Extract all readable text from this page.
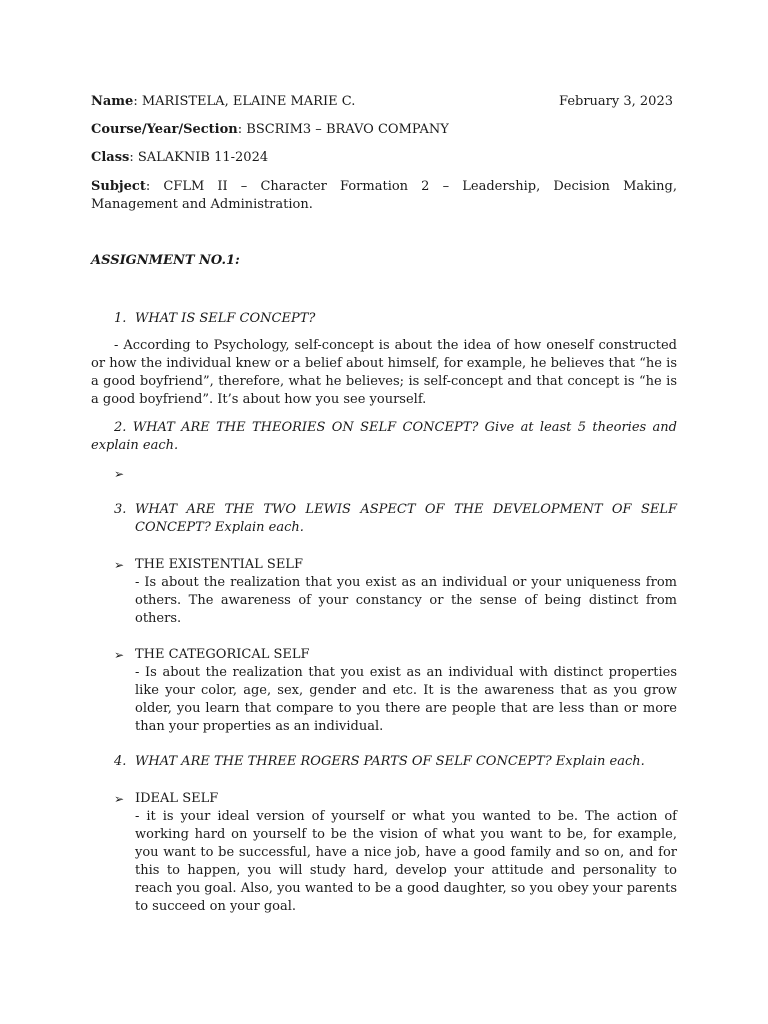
Name: MARISTELA, ELAINE MARIE C.	February 3, 2023
Course/Year/Section: BSCRIM3 – BRAVO COMPANY
Class: SALAKNIB 11-2024
Subject: CFLM II – Character Formation 2 – Leadership, Decision Making, Management and Administration.
ASSIGNMENT NO.1:
1. WHAT IS SELF CONCEPT?
- According to Psychology, self-concept is about the idea of how oneself constructed or how the individual knew or a belief about himself, for example, he believes that “he is a good boyfriend”, therefore, what he believes; is self-concept and that concept is “he is a good boyfriend”. It’s about how you see yourself.
2. WHAT ARE THE THEORIES ON SELF CONCEPT? Give at least 5 theories and explain each.
➢
3. WHAT ARE THE TWO LEWIS ASPECT OF THE DEVELOPMENT OF SELF CONCEPT? Explain each.
➢ THE EXISTENTIAL SELF
- Is about the realization that you exist as an individual or your uniqueness from others. The awareness of your constancy or the sense of being distinct from others.
➢ THE CATEGORICAL SELF
- Is about the realization that you exist as an individual with distinct properties like your color, age, sex, gender and etc. It is the awareness that as you grow older, you learn that compare to you there are people that are less than or more than your properties as an individual.
4. WHAT ARE THE THREE ROGERS PARTS OF SELF CONCEPT? Explain each.
➢ IDEAL SELF
- it is your ideal version of yourself or what you wanted to be. The action of working hard on yourself to be the vision of what you want to be, for example, you want to be successful, have a nice job, have a good family and so on, and for this to happen, you will study hard, develop your attitude and personality to reach you goal. Also, you wanted to be a good daughter, so you obey your parents to succeed on your goal.
